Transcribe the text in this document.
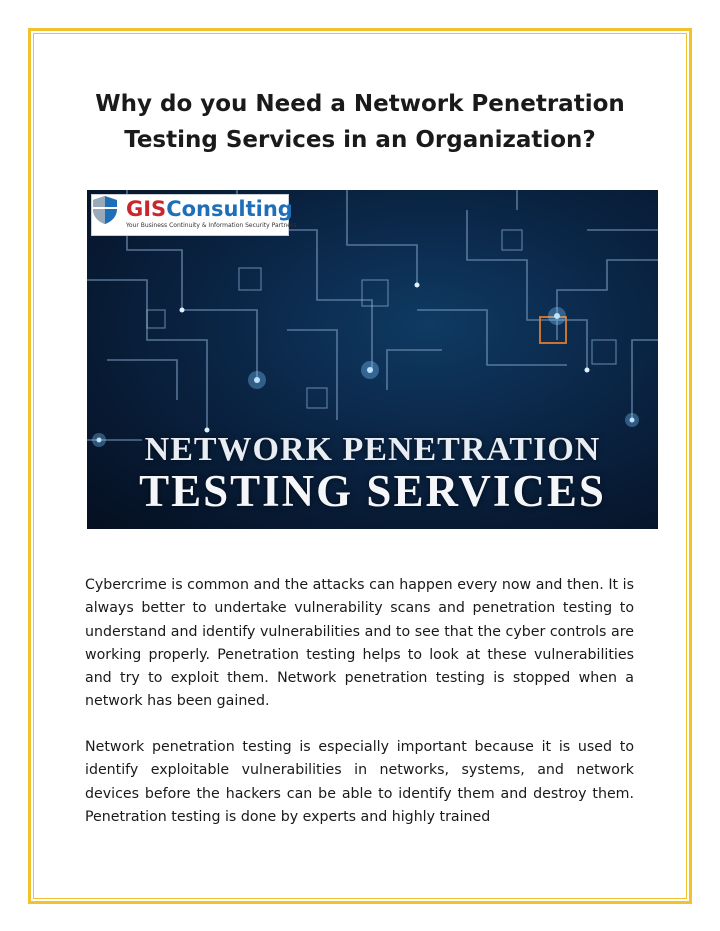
Why do you Need a Network Penetration Testing Services in an Organization?
GISConsulting
Your Business Continuity & Information Security Partners
NETWORK PENETRATION
TESTING SERVICES

Cybercrime is common and the attacks can happen every now and then. It is always better to undertake vulnerability scans and penetration testing to understand and identify vulnerabilities and to see that the cyber controls are working properly. Penetration testing helps to look at these vulnerabilities and try to exploit them. Network penetration testing is stopped when a network has been gained.

Network penetration testing is especially important because it is used to identify exploitable vulnerabilities in networks, systems, and network devices before the hackers can be able to identify them and destroy them. Penetration testing is done by experts and highly trained
